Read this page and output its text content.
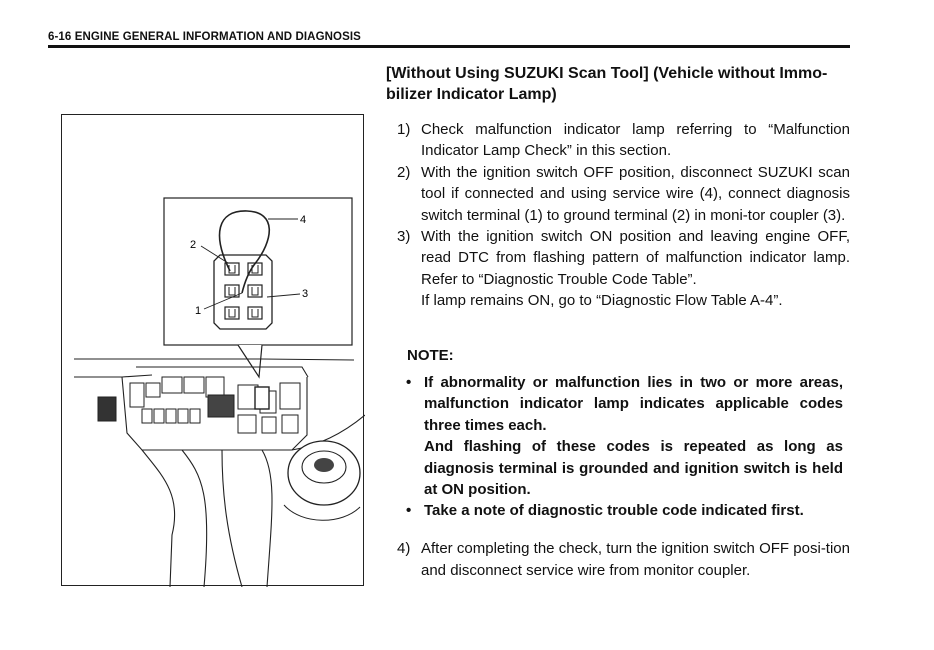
6-16 ENGINE GENERAL INFORMATION AND DIAGNOSIS
1
2
3
4
[Without Using SUZUKI Scan Tool] (Vehicle without Immo-
bilizer Indicator Lamp)
1) Check malfunction indicator lamp referring to “Malfunction Indicator Lamp Check” in this section.
2) With the ignition switch OFF position, disconnect SUZUKI scan tool if connected and using service wire (4), connect diagnosis switch terminal (1) to ground terminal (2) in moni-tor coupler (3).
3) With the ignition switch ON position and leaving engine OFF, read DTC from flashing pattern of malfunction indicator lamp. Refer to “Diagnostic Trouble Code Table”.
If lamp remains ON, go to “Diagnostic Flow Table A-4”.
NOTE:
• If abnormality or malfunction lies in two or more areas, malfunction indicator lamp indicates applicable codes three times each.
And flashing of these codes is repeated as long as diagnosis terminal is grounded and ignition switch is held at ON position.
• Take a note of diagnostic trouble code indicated first.
4) After completing the check, turn the ignition switch OFF posi-tion and disconnect service wire from monitor coupler.
